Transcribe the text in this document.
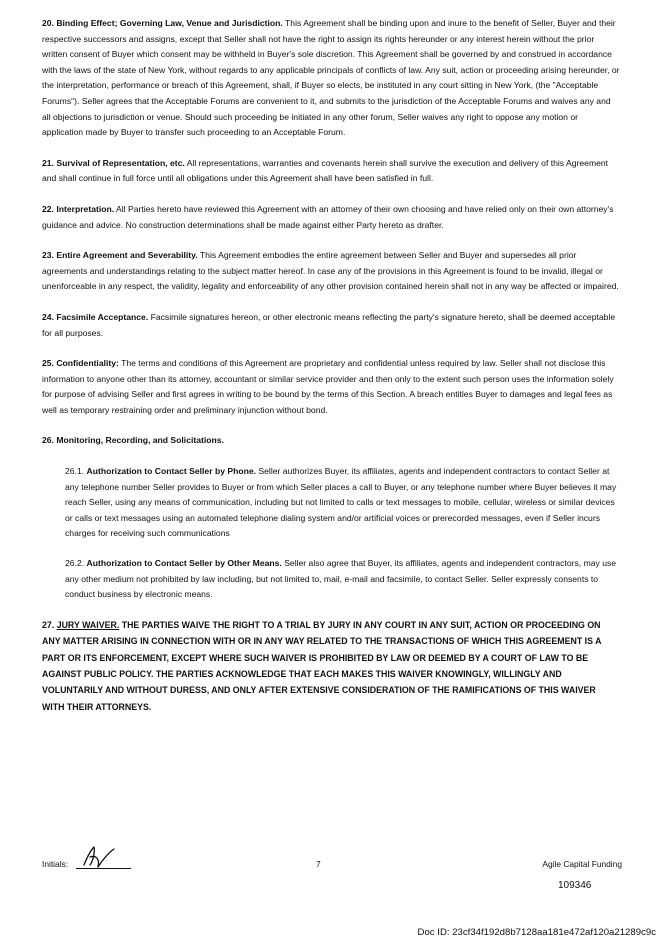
20. Binding Effect; Governing Law, Venue and Jurisdiction. This Agreement shall be binding upon and inure to the benefit of Seller, Buyer and their respective successors and assigns, except that Seller shall not have the right to assign its rights hereunder or any interest herein without the prior written consent of Buyer which consent may be withheld in Buyer's sole discretion. This Agreement shall be governed by and construed in accordance with the laws of the state of New York, without regards to any applicable principals of conflicts of law. Any suit, action or proceeding arising hereunder, or the interpretation, performance or breach of this Agreement, shall, if Buyer so elects, be instituted in any court sitting in New York, (the "Acceptable Forums"). Seller agrees that the Acceptable Forums are convenient to it, and submits to the jurisdiction of the Acceptable Forums and waives any and all objections to jurisdiction or venue. Should such proceeding be initiated in any other forum, Seller waives any right to oppose any motion or application made by Buyer to transfer such proceeding to an Acceptable Forum.

21. Survival of Representation, etc. All representations, warranties and covenants herein shall survive the execution and delivery of this Agreement and shall continue in full force until all obligations under this Agreement shall have been satisfied in full.

22. Interpretation. All Parties hereto have reviewed this Agreement with an attorney of their own choosing and have relied only on their own attorney's guidance and advice. No construction determinations shall be made against either Party hereto as drafter.

23. Entire Agreement and Severability. This Agreement embodies the entire agreement between Seller and Buyer and supersedes all prior agreements and understandings relating to the subject matter hereof. In case any of the provisions in this Agreement is found to be invalid, illegal or unenforceable in any respect, the validity, legality and enforceability of any other provision contained herein shall not in any way be affected or impaired.

24. Facsimile Acceptance. Facsimile signatures hereon, or other electronic means reflecting the party's signature hereto, shall be deemed acceptable for all purposes.

25. Confidentiality: The terms and conditions of this Agreement are proprietary and confidential unless required by law. Seller shall not disclose this information to anyone other than its attorney, accountant or similar service provider and then only to the extent such person uses the information solely for purpose of advising Seller and first agrees in writing to be bound by the terms of this Section. A breach entitles Buyer to damages and legal fees as well as temporary restraining order and preliminary injunction without bond.

26. Monitoring, Recording, and Solicitations.

26.1. Authorization to Contact Seller by Phone. Seller authorizes Buyer, its affiliates, agents and independent contractors to contact Seller at any telephone number Seller provides to Buyer or from which Seller places a call to Buyer, or any telephone number where Buyer believes it may reach Seller, using any means of communication, including but not limited to calls or text messages to mobile, cellular, wireless or similar devices or calls or text messages using an automated telephone dialing system and/or artificial voices or prerecorded messages, even if Seller incurs charges for receiving such communications

26.2. Authorization to Contact Seller by Other Means. Seller also agree that Buyer, its affiliates, agents and independent contractors, may use any other medium not prohibited by law including, but not limited to, mail, e-mail and facsimile, to contact Seller. Seller expressly consents to conduct business by electronic means.

27. JURY WAIVER. THE PARTIES WAIVE THE RIGHT TO A TRIAL BY JURY IN ANY COURT IN ANY SUIT, ACTION OR PROCEEDING ON ANY MATTER ARISING IN CONNECTION WITH OR IN ANY WAY RELATED TO THE TRANSACTIONS OF WHICH THIS AGREEMENT IS A PART OR ITS ENFORCEMENT, EXCEPT WHERE SUCH WAIVER IS PROHIBITED BY LAW OR DEEMED BY A COURT OF LAW TO BE AGAINST PUBLIC POLICY. THE PARTIES ACKNOWLEDGE THAT EACH MAKES THIS WAIVER KNOWINGLY, WILLINGLY AND VOLUNTARILY AND WITHOUT DURESS, AND ONLY AFTER EXTENSIVE CONSIDERATION OF THE RAMIFICATIONS OF THIS WAIVER WITH THEIR ATTORNEYS.

Initials:	7	Agile Capital Funding
109346
Doc ID: 23cf34f192d8b7128aa181e472af120a21289c9c
